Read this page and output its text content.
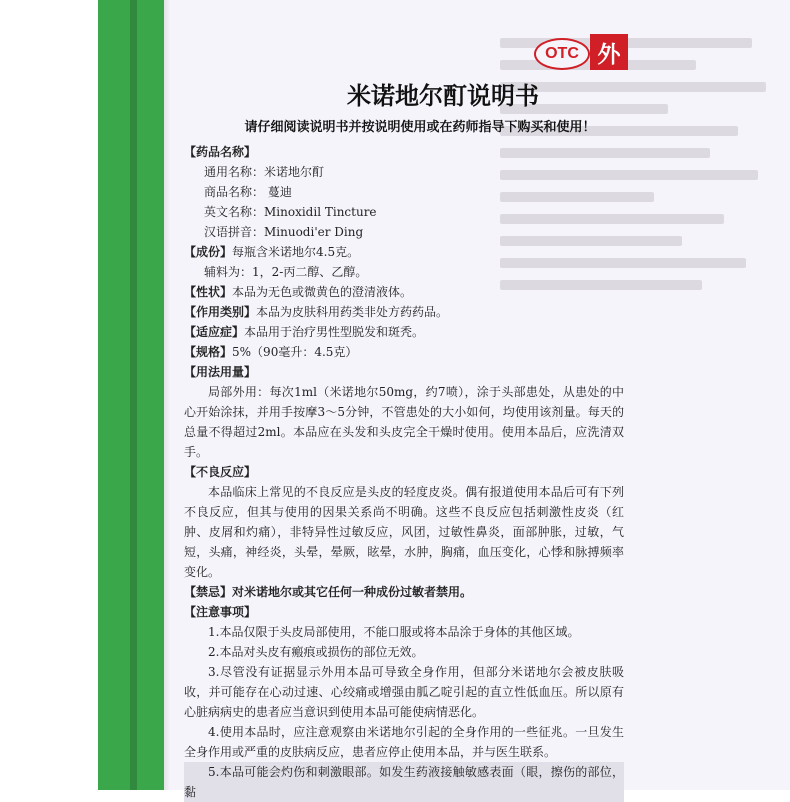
OTC 外
米诺地尔酊说明书
请仔细阅读说明书并按说明使用或在药师指导下购买和使用！
【药品名称】
通用名称：米诺地尔酊
商品名称： 蔓迪
英文名称：Minoxidil Tincture
汉语拼音：Minuodi'er Ding
【成份】每瓶含米诺地尔4.5克。
辅料为：1，2-丙二醇、乙醇。
【性状】本品为无色或微黄色的澄清液体。
【作用类别】本品为皮肤科用药类非处方药药品。
【适应症】本品用于治疗男性型脱发和斑秃。
【规格】5%（90毫升：4.5克）
【用法用量】
局部外用：每次1ml（米诺地尔50mg，约7喷），涂于头部患处，从患处的中心开始涂抹，并用手按摩3～5分钟，不管患处的大小如何，均使用该剂量。每天的总量不得超过2ml。本品应在头发和头皮完全干燥时使用。使用本品后，应洗清双手。
【不良反应】
本品临床上常见的不良反应是头皮的轻度皮炎。偶有报道使用本品后可有下列不良反应，但其与使用的因果关系尚不明确。这些不良反应包括刺激性皮炎（红肿、皮屑和灼痛），非特异性过敏反应，风团，过敏性鼻炎，面部肿胀，过敏，气短，头痛，神经炎，头晕，晕厥，眩晕，水肿，胸痛，血压变化，心悸和脉搏频率变化。
【禁忌】对米诺地尔或其它任何一种成份过敏者禁用。
【注意事项】
1.本品仅限于头皮局部使用，不能口服或将本品涂于身体的其他区域。
2.本品对头皮有瘢痕或损伤的部位无效。
3.尽管没有证据显示外用本品可导致全身作用，但部分米诺地尔会被皮肤吸收，并可能存在心动过速、心绞痛或增强由胍乙啶引起的直立性低血压。所以原有心脏病病史的患者应当意识到使用本品可能使病情恶化。
4.使用本品时，应注意观察由米诺地尔引起的全身作用的一些征兆。一旦发生全身作用或严重的皮肤病反应，患者应停止使用本品，并与医生联系。
5.本品可能会灼伤和刺激眼部。如发生药液接触敏感表面（眼，擦伤的部位，黏
